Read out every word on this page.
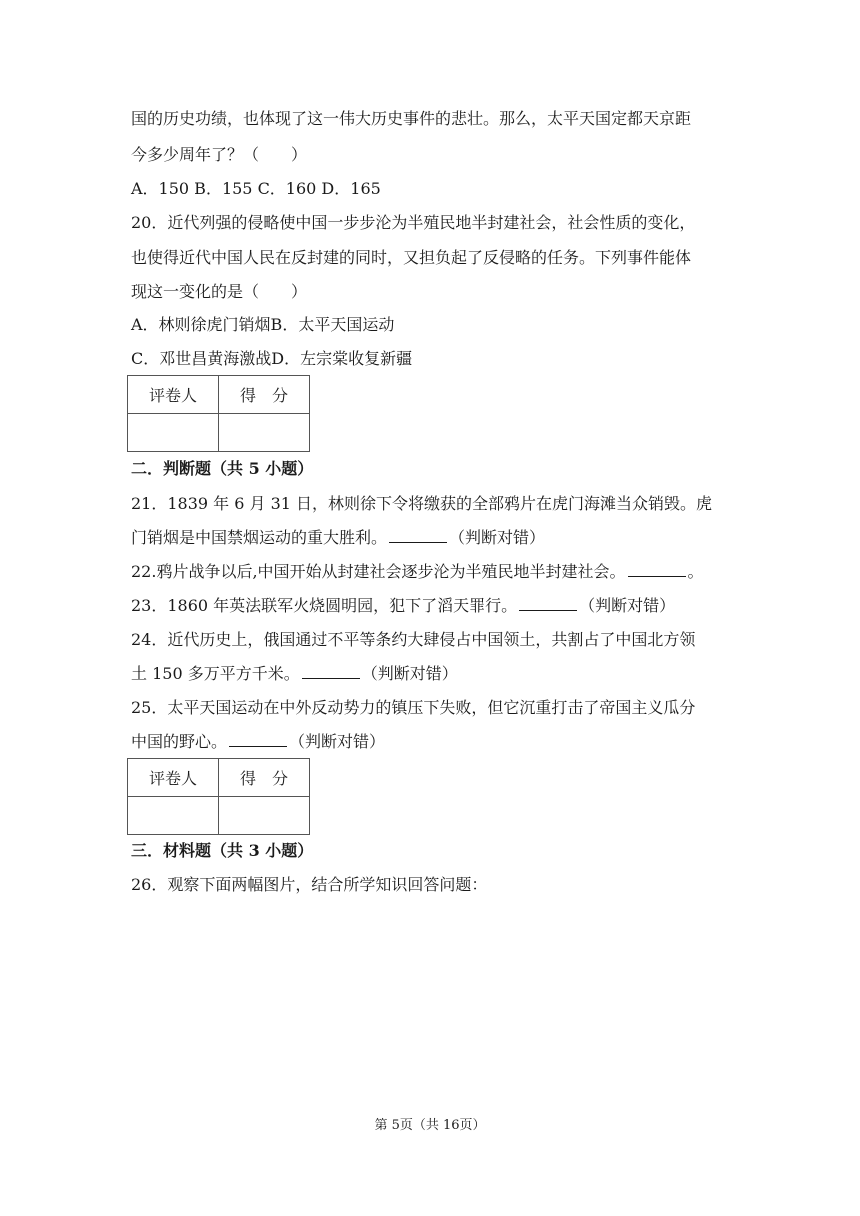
国的历史功绩，也体现了这一伟大历史事件的悲壮。那么，太平天国定都天京距
今多少周年了？（　　）
A．150 B．155 C．160 D．165
20．近代列强的侵略使中国一步步沦为半殖民地半封建社会，社会性质的变化，
也使得近代中国人民在反封建的同时，又担负起了反侵略的任务。下列事件能体
现这一变化的是（　　）
A．林则徐虎门销烟B．太平天国运动
C．邓世昌黄海激战D．左宗棠收复新疆
评卷人	得　分

二．判断题（共 5 小题）
21．1839 年 6 月 31 日，林则徐下令将缴获的全部鸦片在虎门海滩当众销毁。虎
门销烟是中国禁烟运动的重大胜利。	（判断对错）
22.鸦片战争以后,中国开始从封建社会逐步沦为半殖民地半封建社会。	。
23．1860 年英法联军火烧圆明园，犯下了滔天罪行。	（判断对错）
24．近代历史上，俄国通过不平等条约大肆侵占中国领土，共割占了中国北方领
土 150 多万平方千米。	（判断对错）
25．太平天国运动在中外反动势力的镇压下失败，但它沉重打击了帝国主义瓜分
中国的野心。	（判断对错）
评卷人	得　分

三．材料题（共 3 小题）
26．观察下面两幅图片，结合所学知识回答问题：
第 5页（共 16页）
